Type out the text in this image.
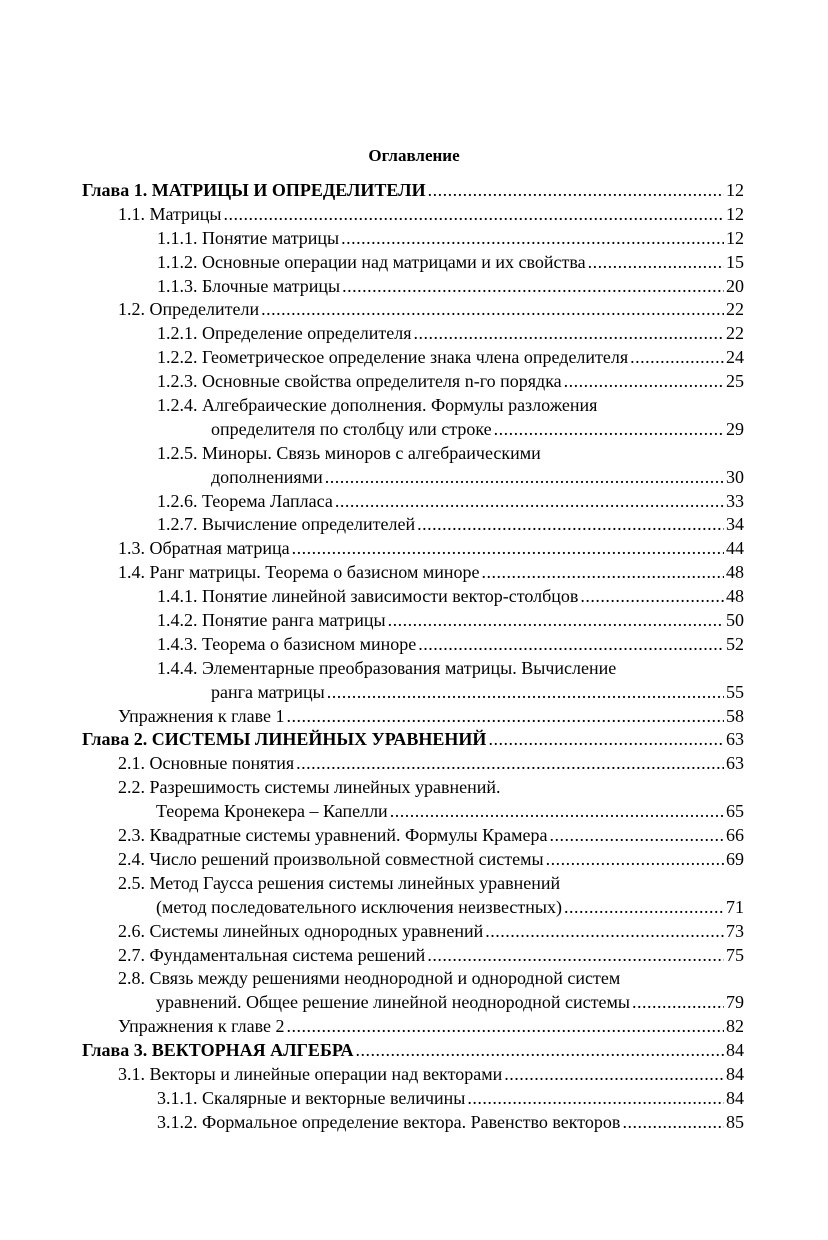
Оглавление
Глава 1. МАТРИЦЫ И ОПРЕДЕЛИТЕЛИ .....	12
1.1. Матрицы .....	12
1.1.1. Понятие матрицы .....	12
1.1.2. Основные операции над матрицами и их свойства .....	15
1.1.3. Блочные матрицы .....	20
1.2. Определители .....	22
1.2.1. Определение определителя .....	22
1.2.2. Геометрическое определение знака члена определителя .....	24
1.2.3. Основные свойства определителя n-го порядка .....	25
1.2.4. Алгебраические дополнения. Формулы разложения
определителя по столбцу или строке .....	29
1.2.5. Миноры. Связь миноров с алгебраическими
дополнениями .....	30
1.2.6. Теорема Лапласа .....	33
1.2.7. Вычисление определителей .....	34
1.3. Обратная матрица .....	44
1.4. Ранг матрицы. Теорема о базисном миноре .....	48
1.4.1. Понятие линейной зависимости вектор-столбцов .....	48
1.4.2. Понятие ранга матрицы .....	50
1.4.3. Теорема о базисном миноре .....	52
1.4.4. Элементарные преобразования матрицы. Вычисление
ранга матрицы .....	55
Упражнения к главе 1 .....	58
Глава 2. СИСТЕМЫ ЛИНЕЙНЫХ УРАВНЕНИЙ .....	63
2.1. Основные понятия .....	63
2.2. Разрешимость системы линейных уравнений.
Теорема Кронекера – Капелли .....	65
2.3. Квадратные системы уравнений. Формулы Крамера .....	66
2.4. Число решений произвольной совместной системы .....	69
2.5. Метод Гаусса решения системы линейных уравнений
(метод последовательного исключения неизвестных) .....	71
2.6. Системы линейных однородных уравнений .....	73
2.7. Фундаментальная система решений .....	75
2.8. Связь между решениями неоднородной и однородной систем
уравнений. Общее решение линейной неоднородной системы .....	79
Упражнения к главе 2 .....	82
Глава 3. ВЕКТОРНАЯ АЛГЕБРА .....	84
3.1. Векторы и линейные операции над векторами .....	84
3.1.1. Скалярные и векторные величины .....	84
3.1.2. Формальное определение вектора. Равенство векторов .....	85
